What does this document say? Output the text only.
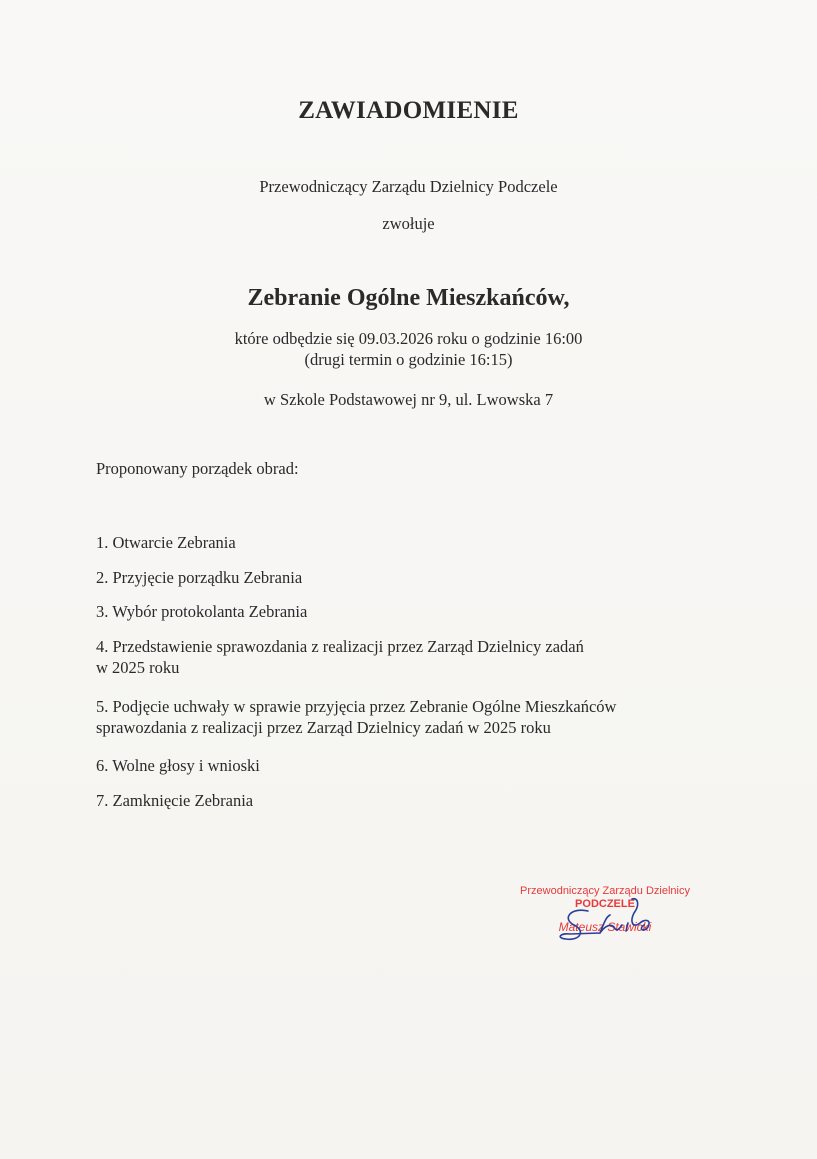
ZAWIADOMIENIE
Przewodniczący Zarządu Dzielnicy Podczele
zwołuje
Zebranie Ogólne Mieszkańców,
które odbędzie się 09.03.2026 roku o godzinie 16:00
(drugi termin o godzinie 16:15)
w Szkole Podstawowej nr 9, ul. Lwowska 7
Proponowany porządek obrad:
1. Otwarcie Zebrania
2. Przyjęcie porządku Zebrania
3. Wybór protokolanta Zebrania
4. Przedstawienie sprawozdania z realizacji przez Zarząd Dzielnicy zadań
w 2025 roku
5. Podjęcie uchwały w sprawie przyjęcia przez Zebranie Ogólne Mieszkańców
sprawozdania z realizacji przez Zarząd Dzielnicy zadań w 2025 roku
6. Wolne głosy i wnioski
7. Zamknięcie Zebrania
Przewodniczący Zarządu Dzielnicy
PODCZELE
Mateusz Stawicki
